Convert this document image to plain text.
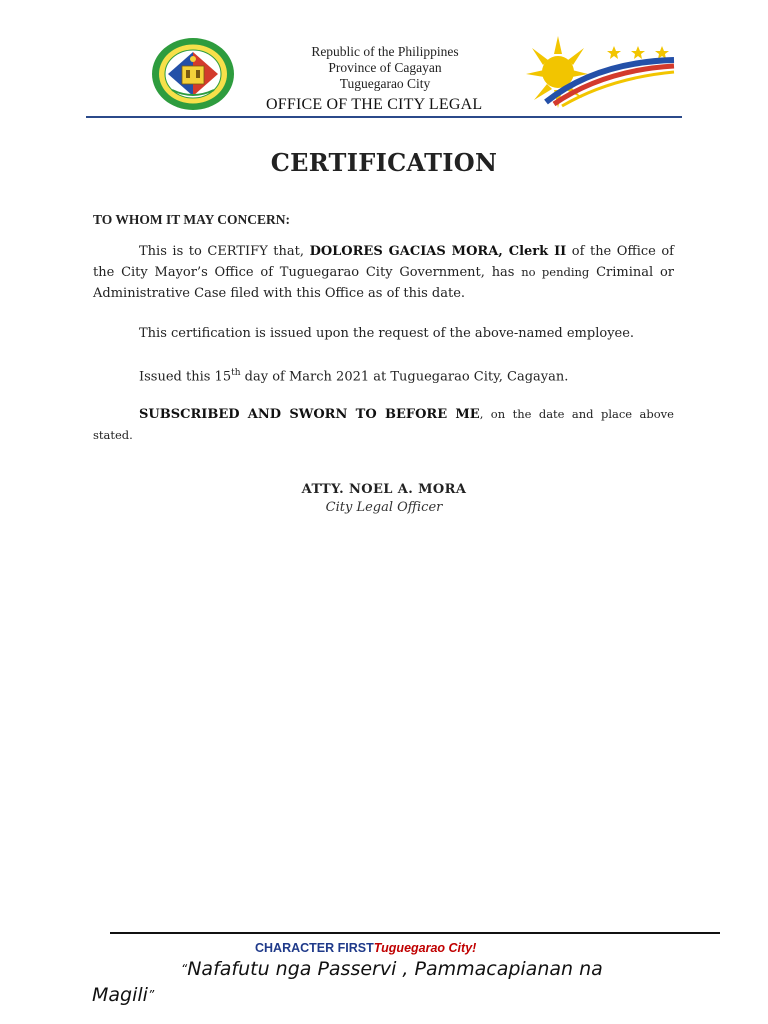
Republic of the Philippines
Province of Cagayan
Tuguegarao City
OFFICE OF THE CITY LEGAL
CERTIFICATION
TO WHOM IT MAY CONCERN:
This is to CERTIFY that, DOLORES GACIAS MORA, Clerk II of the Office of the City Mayor’s Office of Tuguegarao City Government, has no pending Criminal or Administrative Case filed with this Office as of this date.
This certification is issued upon the request of the above-named employee.
Issued this 15th day of March 2021 at Tuguegarao City, Cagayan.
SUBSCRIBED AND SWORN TO BEFORE ME, on the date and place above stated.
ATTY. NOEL A. MORA
City Legal Officer
CHARACTER FIRSTTuguegarao City!
“Nafafutu nga Passervi , Pammacapianan na
Magili”
